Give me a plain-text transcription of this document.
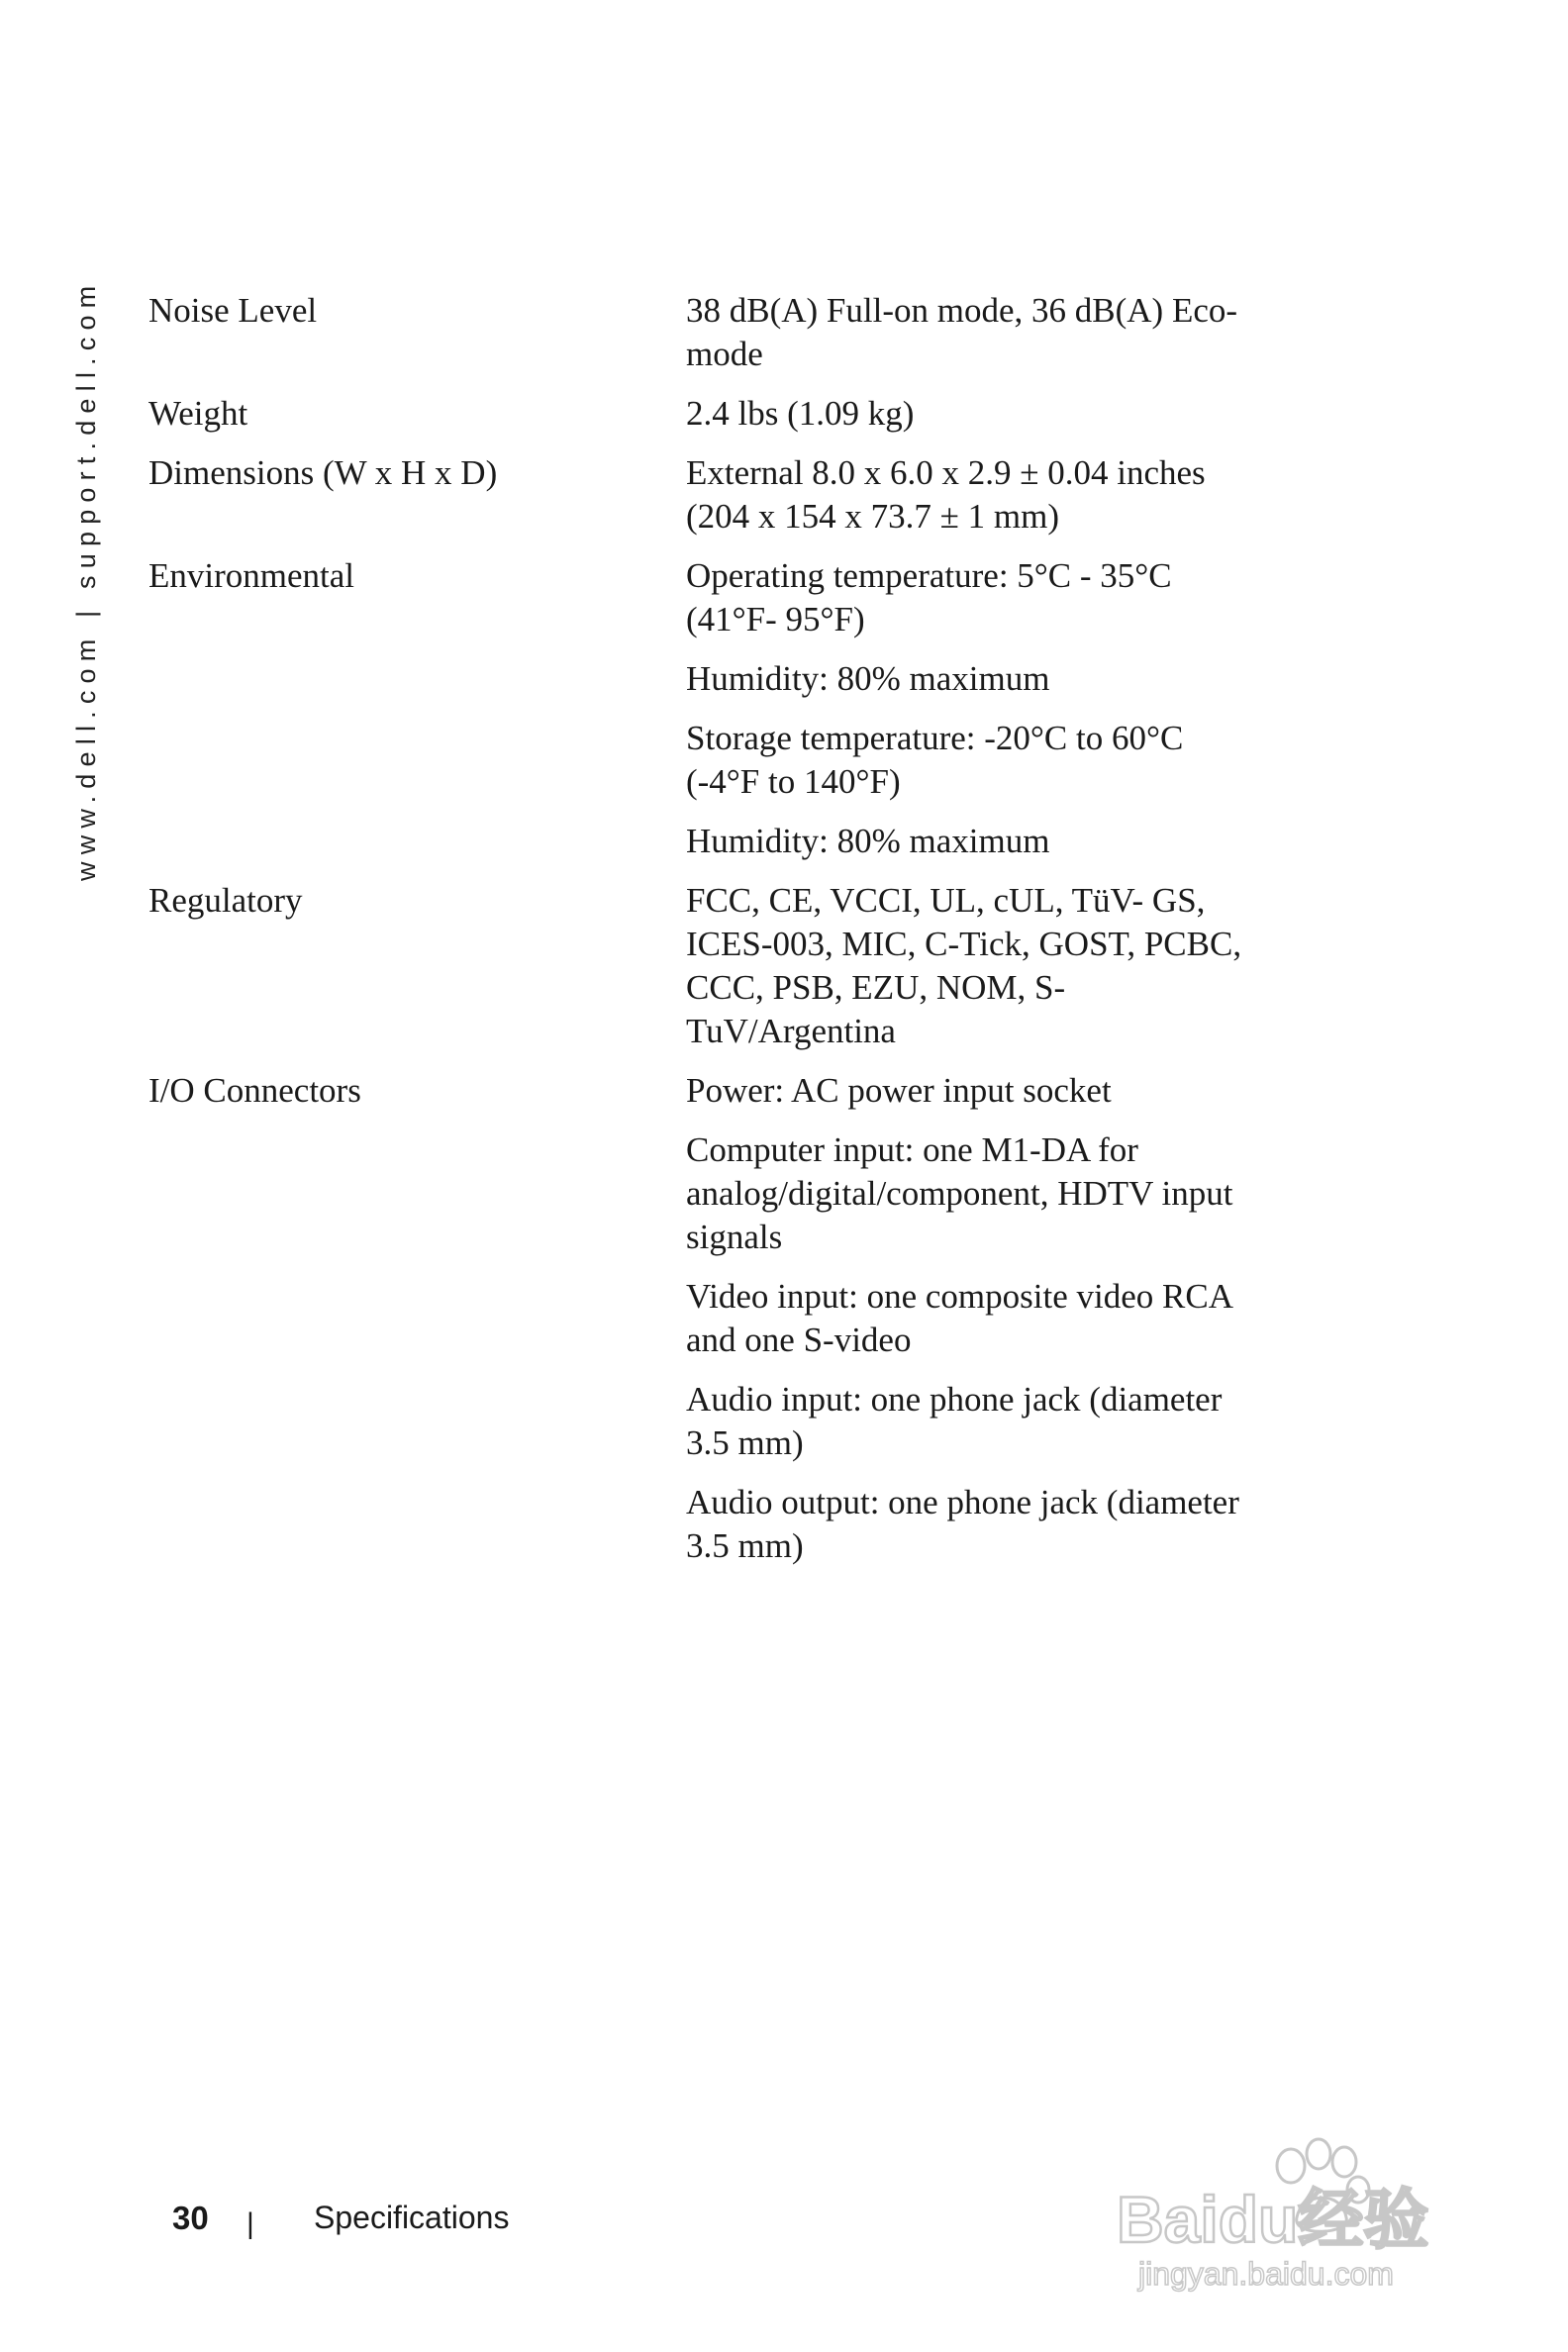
www.dell.com | support.dell.com Noise Level	38 dB(A) Full-on mode, 36 dB(A) Eco-mode
Weight	2.4 lbs (1.09 kg)
Dimensions (W x H x D)	External 8.0 x 6.0 x 2.9 ± 0.04 inches (204 x 154 x 73.7 ± 1 mm)
Environmental	Operating temperature: 5°C - 35°C (41°F- 95°F)
Humidity: 80% maximum
Storage temperature: -20°C to 60°C (-4°F to 140°F)
Humidity: 80% maximum
Regulatory	FCC, CE, VCCI, UL, cUL, TüV- GS, ICES-003, MIC, C-Tick, GOST, PCBC, CCC, PSB, EZU, NOM, S-TuV/Argentina
I/O Connectors	Power: AC power input socket
Computer input: one M1-DA for analog/digital/component, HDTV input signals
Video input: one composite video RCA and one S-video
Audio input: one phone jack (diameter 3.5 mm)
Audio output: one phone jack (diameter 3.5 mm)
30 | Specifications	Baidu经验
jingyan.baidu.com
